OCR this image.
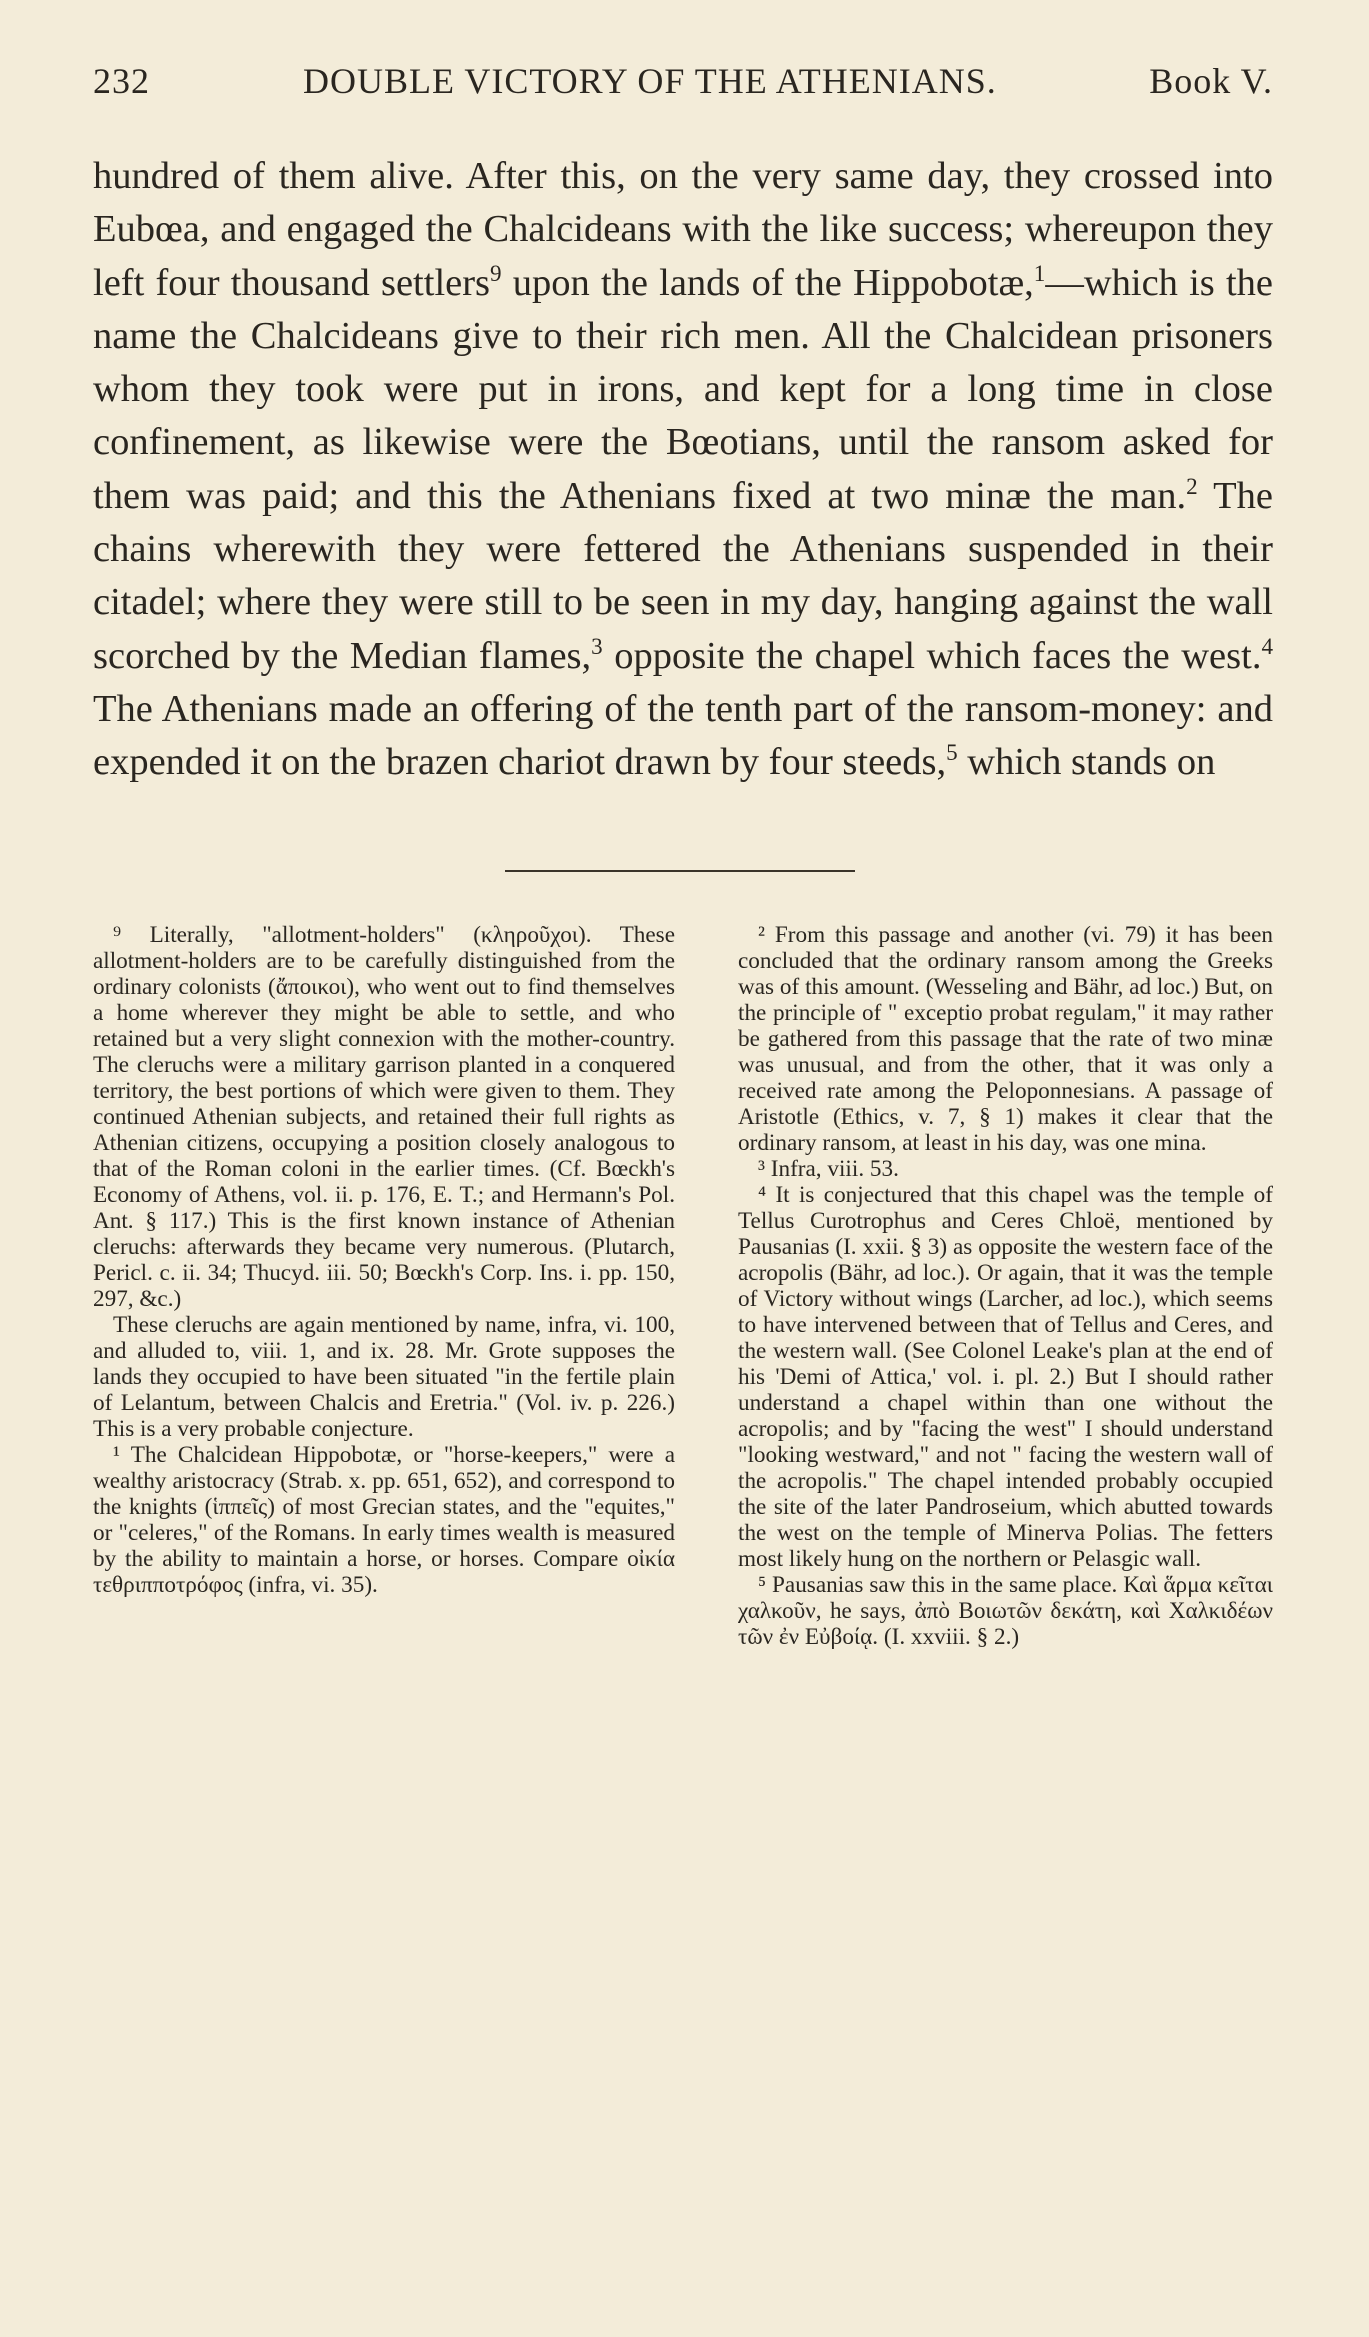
232	DOUBLE VICTORY OF THE ATHENIANS.	Book V.

hundred of them alive. After this, on the very same day, they crossed into Eubœa, and engaged the Chalcideans with the like success; whereupon they left four thousand settlers$^9$ upon the lands of the Hippobotæ,$^1$—which is the name the Chalcideans give to their rich men. All the Chalcidean prisoners whom they took were put in irons, and kept for a long time in close confinement, as likewise were the Bœotians, until the ransom asked for them was paid; and this the Athenians fixed at two minæ the man.$^2$ The chains wherewith they were fettered the Athenians suspended in their citadel; where they were still to be seen in my day, hanging against the wall scorched by the Median flames,$^3$ opposite the chapel which faces the west.$^4$ The Athenians made an offering of the tenth part of the ransom-money: and expended it on the brazen chariot drawn by four steeds,$^5$ which stands on

⁹ Literally, "allotment-holders" (κληροῦχοι). These allotment-holders are to be carefully distinguished from the ordinary colonists (ἄποικοι), who went out to find themselves a home wherever they might be able to settle, and who retained but a very slight connexion with the mother-country. The cleruchs were a military garrison planted in a conquered territory, the best portions of which were given to them. They continued Athenian subjects, and retained their full rights as Athenian citizens, occupying a position closely analogous to that of the Roman coloni in the earlier times. (Cf. Bœckh's Economy of Athens, vol. ii. p. 176, E. T.; and Hermann's Pol. Ant. § 117.) This is the first known instance of Athenian cleruchs: afterwards they became very numerous. (Plutarch, Pericl. c. ii. 34; Thucyd. iii. 50; Bœckh's Corp. Ins. i. pp. 150, 297, &c.)

These cleruchs are again mentioned by name, infra, vi. 100, and alluded to, viii. 1, and ix. 28. Mr. Grote supposes the lands they occupied to have been situated "in the fertile plain of Lelantum, between Chalcis and Eretria." (Vol. iv. p. 226.) This is a very probable conjecture.

¹ The Chalcidean Hippobotæ, or "horse-keepers," were a wealthy aristocracy (Strab. x. pp. 651, 652), and correspond to the knights (ἱππεῖς) of most Grecian states, and the "equites," or "celeres," of the Romans. In early times wealth is measured by the ability to maintain a horse, or horses. Compare οἰκία τεθριπποτρόφος (infra, vi. 35).

² From this passage and another (vi. 79) it has been concluded that the ordinary ransom among the Greeks was of this amount. (Wesseling and Bähr, ad loc.) But, on the principle of " exceptio probat regulam," it may rather be gathered from this passage that the rate of two minæ was unusual, and from the other, that it was only a received rate among the Peloponnesians. A passage of Aristotle (Ethics, v. 7, § 1) makes it clear that the ordinary ransom, at least in his day, was one mina.

³ Infra, viii. 53.

⁴ It is conjectured that this chapel was the temple of Tellus Curotrophus and Ceres Chloë, mentioned by Pausanias (I. xxii. § 3) as opposite the western face of the acropolis (Bähr, ad loc.). Or again, that it was the temple of Victory without wings (Larcher, ad loc.), which seems to have intervened between that of Tellus and Ceres, and the western wall. (See Colonel Leake's plan at the end of his 'Demi of Attica,' vol. i. pl. 2.) But I should rather understand a chapel within than one without the acropolis; and by "facing the west" I should understand "looking westward," and not " facing the western wall of the acropolis." The chapel intended probably occupied the site of the later Pandroseium, which abutted towards the west on the temple of Minerva Polias. The fetters most likely hung on the northern or Pelasgic wall.

⁵ Pausanias saw this in the same place. Καὶ ἅρμα κεῖται χαλκοῦν, he says, ἀπὸ Βοιωτῶν δεκάτη, καὶ Χαλκιδέων τῶν ἐν Εὐβοίᾳ. (I. xxviii. § 2.)
